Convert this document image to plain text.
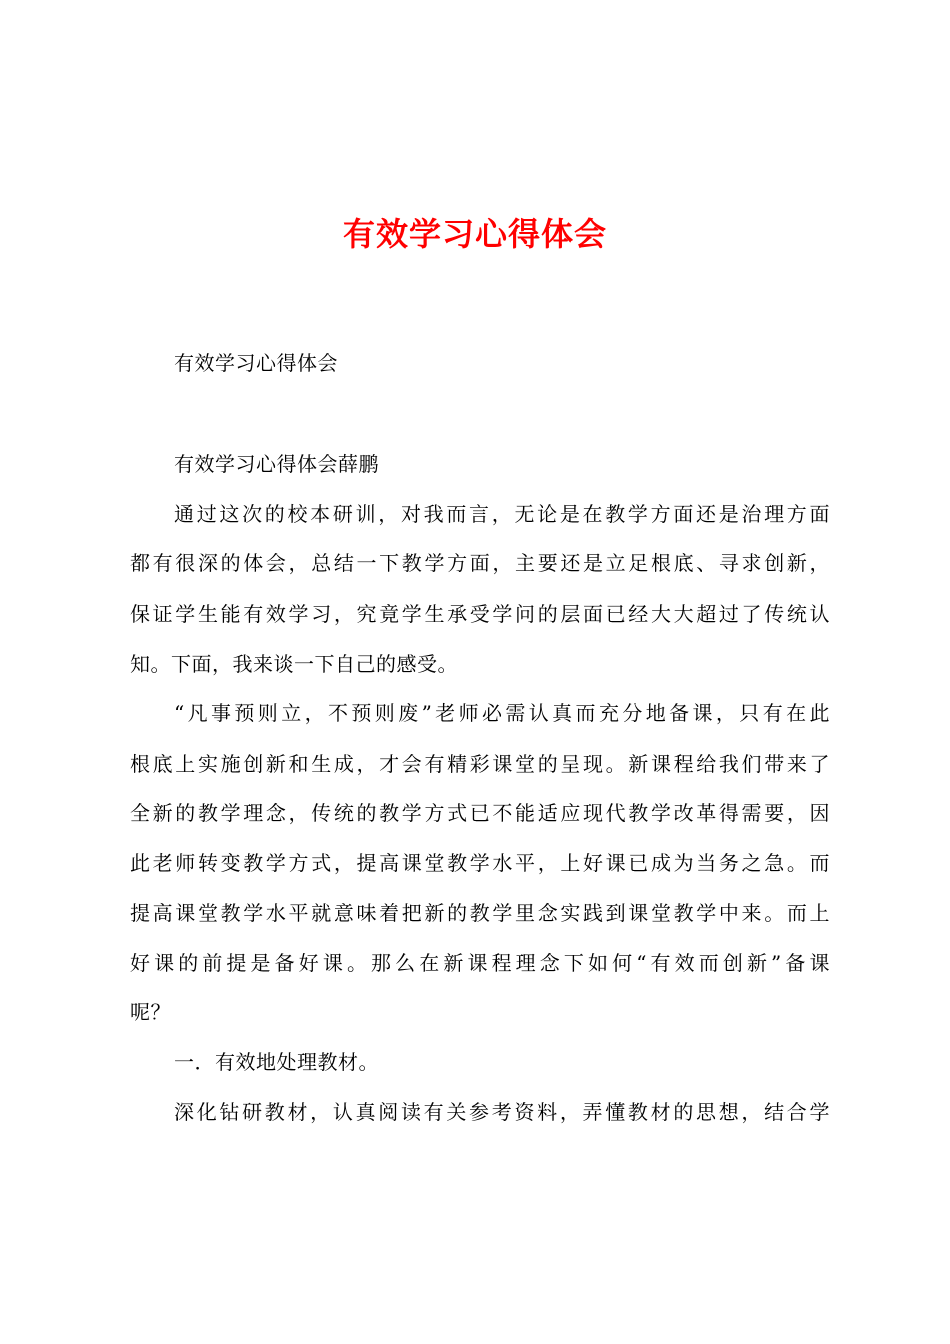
有效学习心得体会
有效学习心得体会
有效学习心得体会薛鹏
通过这次的校本研训，对我而言，无论是在教学方面还是治理方面
都有很深的体会，总结一下教学方面，主要还是立足根底、寻求创新，
保证学生能有效学习，究竟学生承受学问的层面已经大大超过了传统认
知。下面，我来谈一下自己的感受。
“凡事预则立，不预则废”老师必需认真而充分地备课，只有在此
根底上实施创新和生成，才会有精彩课堂的呈现。新课程给我们带来了
全新的教学理念，传统的教学方式已不能适应现代教学改革得需要，因
此老师转变教学方式，提高课堂教学水平，上好课已成为当务之急。而
提高课堂教学水平就意味着把新的教学里念实践到课堂教学中来。而上
好课的前提是备好课。那么在新课程理念下如何“有效而创新”备课
呢？
一．有效地处理教材。
深化钻研教材，认真阅读有关参考资料，弄懂教材的思想，结合学
